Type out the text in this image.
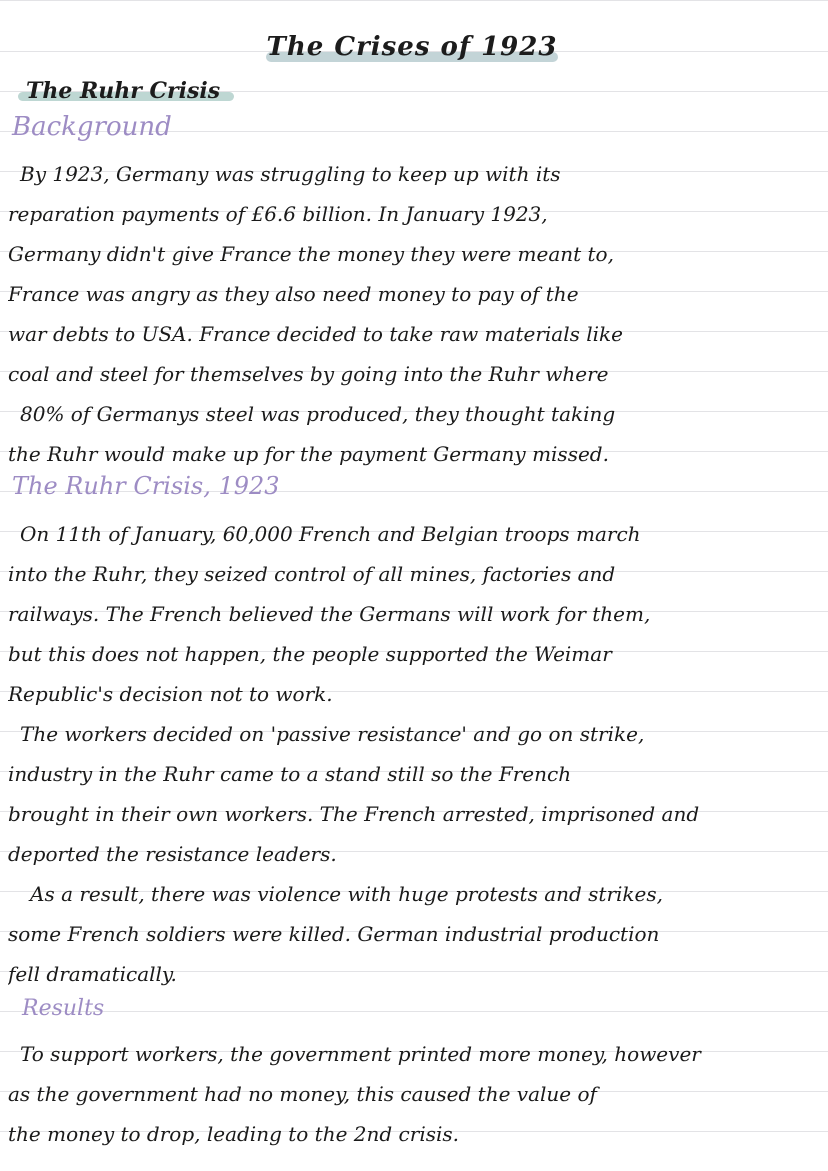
The Crises of 1923
The Ruhr Crisis
Background

By 1923, Germany was struggling to keep up with its
reparation payments of £6.6 billion. In January 1923,
Germany didn't give France the money they were meant to,
France was angry as they also need money to pay of the
war debts to USA. France decided to take raw materials like
coal and steel for themselves by going into the Ruhr where
80% of Germanys steel was produced, they thought taking
the Ruhr would make up for the payment Germany missed.

The Ruhr Crisis, 1923

On 11th of January, 60,000 French and Belgian troops march
into the Ruhr, they seized control of all mines, factories and
railways. The French believed the Germans will work for them,
but this does not happen, the people supported the Weimar
Republic's decision not to work.

The workers decided on 'passive resistance' and go on strike,
industry in the Ruhr came to a stand still so the French
brought in their own workers. The French arrested, imprisoned and
deported the resistance leaders.

As a result, there was violence with huge protests and strikes,
some French soldiers were killed. German industrial production
fell dramatically.

Results

To support workers, the government printed more money, however
as the government had no money, this caused the value of
the money to drop, leading to the 2nd crisis.
